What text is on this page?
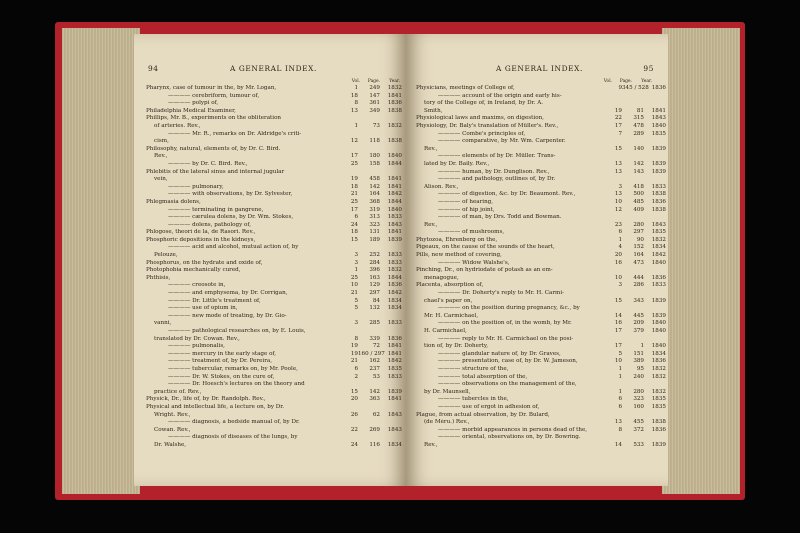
94	A GENERAL INDEX.
Vol.	Page.	Year.
Pharynx, case of tumour in the, by Mr. Logan,	1	249	1832
———— cerebriform, tumour of,	18	147	1841
———— polypi of,	8	361	1836
Philadelphia Medical Examiner,	13	349	1838
Phillips, Mr. B., experiments on the obliteration
of arteries. Rev.,	1	73	1832
———— Mr. R., remarks on Dr. Aldridge's criti-
cism,	12	118	1838
Philosophy, natural, elements of, by Dr. C. Bird.
Rev.,	17	180	1840
———— by Dr. C. Bird. Rev.,	25	158	1844
Phlebitis of the lateral sinus and internal jugular
vein,	19	458	1841
———— pulmonary,	18	142	1841
———— with observations, by Dr. Sylvester,	21	164	1842
Phlegmasia dolens,	25	368	1844
———— terminating in gangrene,	17	319	1840
———— cærulea dolens, by Dr. Wm. Stokes,	6	313	1833
———— dolens, pathology of,	24	323	1843
Phlogose, theori de la, de Rasori. Rev.,	18	131	1841
Phosphoric depositions in the kidneys,	15	189	1839
———— acid and alcohol, mutual action of, by
Pelouze,	3	252	1833
Phosphorus, on the hydrate and oxide of,	3	284	1833
Photophobia mechanically cured,	1	396	1832
Phthisis,	25	163	1844
———— creosote in,	10	129	1836
———— and emphysema, by Dr. Corrigan,	21	297	1842
———— Dr. Little's treatment of,	5	84	1834
———— use of opium in,	5	132	1834
———— new mode of treating, by Dr. Gio-
vanni,	3	285	1833
———— pathological researches on, by E. Louis,
translated by Dr. Cowan. Rev.,	8	339	1836
———— pulmonalis,	19	72	1841
———— mercury in the early stage of,	19 160 / 297 1841
———— treatment of, by Dr. Pereira,	21	162	1842
———— tubercular, remarks on, by Mr. Poole,	6	237	1835
———— Dr. W. Stokes, on the cure of,	2	53	1833
———— Dr. Hoesch's lectures on the theory and
practice of. Rev.,	15	142	1839
Physick, Dr., life of, by Dr. Randolph. Rev.,	20	363	1841
Physical and intellectual life, a lecture on, by Dr.
Wright. Rev.,	26	62	1843
———— diagnosis, a bedside manual of, by Dr.
Cowan. Rev.,	22	269	1843
———— diagnosis of diseases of the lungs, by
Dr. Walshe,	24	116	1834
A GENERAL INDEX.	95
Vol.	Page.	Year.
Physicians, meetings of College of,	9 345 / 528 1836
———— account of the origin and early his-
tory of the College of, in Ireland, by Dr. A.
Smith,	19	81	1841
Physiological laws and maxims, on digestion,	22	315	1843
Physiology, Dr. Baly's translation of Müller's. Rev.,	17	478	1840
———— Combe's principles of,	7	289	1835
———— comparative, by Mr. Wm. Carpenter.
Rev.,	15	140	1839
———— elements of by Dr. Müller. Trans-
lated by Dr. Baily. Rev.,	13	142	1839
———— human, by Dr. Dunglison. Rev.,	13	143	1839
———— and pathology, outlines of, by Dr.
Alison. Rev.,	3	418	1833
———— of digestion, &c. by Dr. Beaumont. Rev.,	13	500	1838
———— of hearing,	10	485	1836
———— of hip joint,	12	409	1838
———— of man, by Drs. Todd and Bowman.
Rev.,	23	280	1843
———— of mushrooms,	6	297	1835
Phytozoa, Ehrenberg on the,	1	90	1832
Pigeaux, on the cause of the sounds of the heart,	4	152	1834
Pills, new method of covering,	20	164	1842
———— Widow Walshe's,	16	473	1840
Pinching, Dr., on hydriodate of potash as an em-
menagogue,	10	444	1836
Placenta, absorption of,	3	286	1833
———— Dr. Doherty's reply to Mr. H. Carmi-
chael's paper on,	15	343	1839
———— on the position during pregnancy, &c., by
Mr. H. Carmichael,	14	445	1839
———— on the position of, in the womb, by Mr.	16	209	1840
H. Carmichael,	17	379	1840
———— reply to Mr. H. Carmichael on the posi-
tion of, by Dr. Doherty,	17	1	1840
———— glandular nature of, by Dr. Graves,	5	151	1834
———— presentation, case of, by Dr. W. Jameson,	10	389	1836
———— structure of the,	1	95	1832
———— total absorption of the,	1	240	1832
———— observations on the management of the,
by Dr. Maunsell,	1	280	1832
———— tubercles in the,	6	323	1835
———— use of ergot in adhesion of,	6	160	1835
Plague, from actual observation, by Dr. Bulard,
(de Méru.) Rev.,	13	455	1838
———— morbid appearances in persons dead of the,	8	372	1836
———— oriental, observations on, by Dr. Bowring.
Rev.,	14	533	1839
